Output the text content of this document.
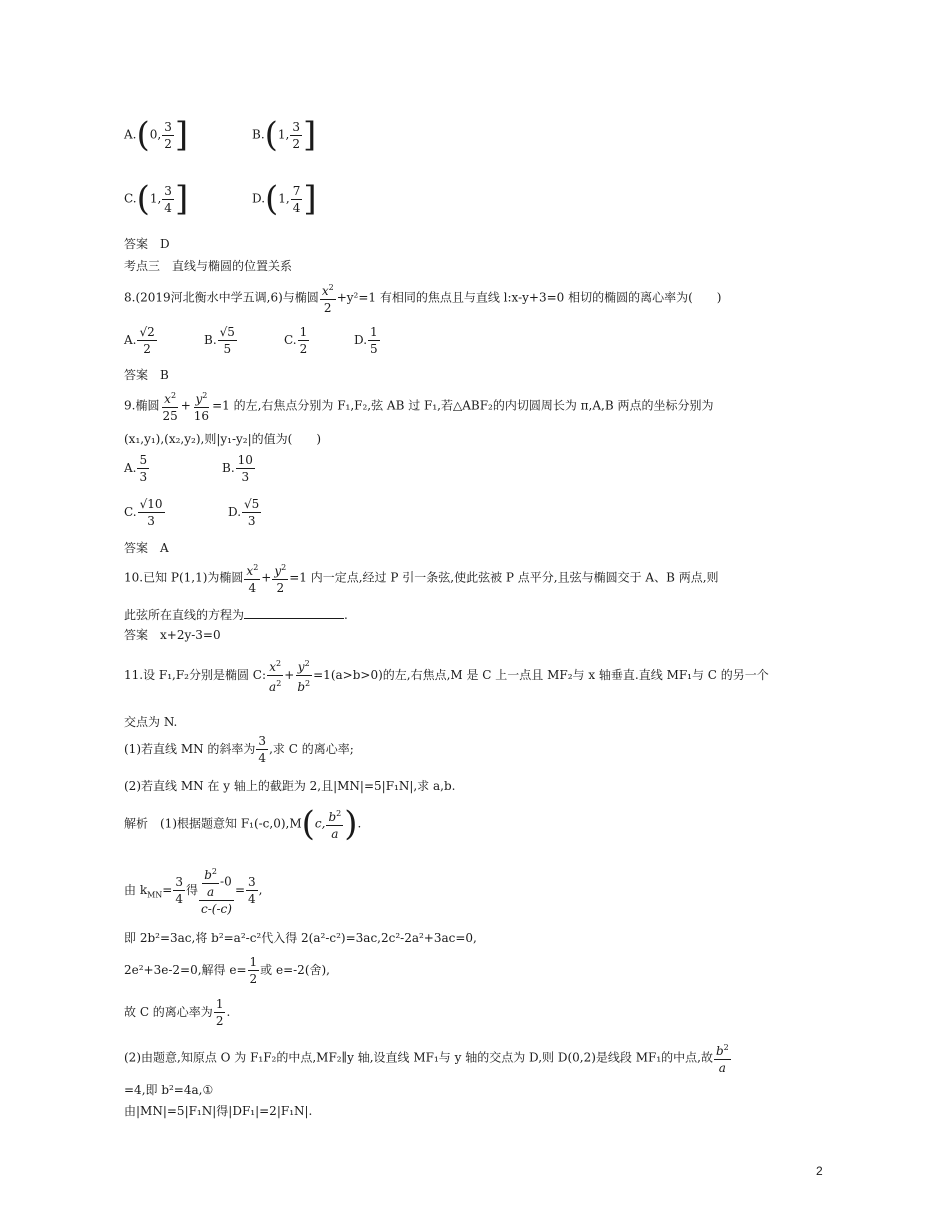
A.(0, $\frac{3}{2}$ ]	B.(1, $\frac{3}{2}$ ]
C.(1, $\frac{3}{4}$ ]	D.(1, $\frac{7}{4}$ ]
答案　D
考点三　直线与椭圆的位置关系
8.(2019河北衡水中学五调,6)与椭圆 $\frac{x^2}{2} +y^2=1$ 有相同的焦点且与直线 l:x-y+3=0 相切的椭圆的离心率为(　　)
A. $\frac{√2}{2}$	B. $\frac{√5}{5}$	C. $\frac{1}{2}$	D. $\frac{1}{5}$
答案　B
9.椭圆 $\frac{x^2}{25} + \frac{y^2}{16} =1$ 的左,右焦点分别为 F₁,F₂,弦 AB 过 F₁,若△ABF₂的内切圆周长为 π,A,B 两点的坐标分别为
(x₁,y₁),(x₂,y₂),则|y₁-y₂|的值为(　　)
A. $\frac{5}{3}$	B. $\frac{10}{3}$
C. $\frac{√10}{3}$	D. $\frac{√5}{3}$
答案　A
10.已知 P(1,1)为椭圆 $\frac{x^2}{4} + \frac{y^2}{2} =1$ 内一定点,经过 P 引一条弦,使此弦被 P 点平分,且弦与椭圆交于 A、B 两点,则
此弦所在直线的方程为	.
答案　x+2y-3=0
11.设 F₁,F₂分别是椭圆 C: $\frac{x^2}{a^2} + \frac{y^2}{b^2} =1(a>b>0)$的左,右焦点,M 是 C 上一点且 MF₂与 x 轴垂直.直线 MF₁与 C 的另一个
交点为 N.
(1)若直线 MN 的斜率为 $\frac{3}{4}$ ,求 C 的离心率;
(2)若直线 MN 在 y 轴上的截距为 2,且|MN|=5|F₁N|,求 a,b.
解析　(1)根据题意知 F₁(-c,0),M(c, $\frac{b^2}{a}$ ).
由 $k_{MN}= \frac{3}{4}$ 得 $\frac{\frac{b^2}{a} -0}{c-(-c)} = \frac{3}{4}$ ,
即 2b²=3ac,将 b²=a²-c²代入得 2(a²-c²)=3ac,2c²-2a²+3ac=0,
2e²+3e-2=0,解得 $e= \frac{1}{2}$ 或 e=-2(舍),
故 C 的离心率为 $\frac{1}{2}$ .
(2)由题意,知原点 O 为 F₁F₂的中点,MF₂∥y 轴,设直线 MF₁与 y 轴的交点为 D,则 D(0,2)是线段 MF₁的中点,故 $\frac{b^2}{a}$
=4,即 b²=4a,①
由|MN|=5|F₁N|得|DF₁|=2|F₁N|.
2
